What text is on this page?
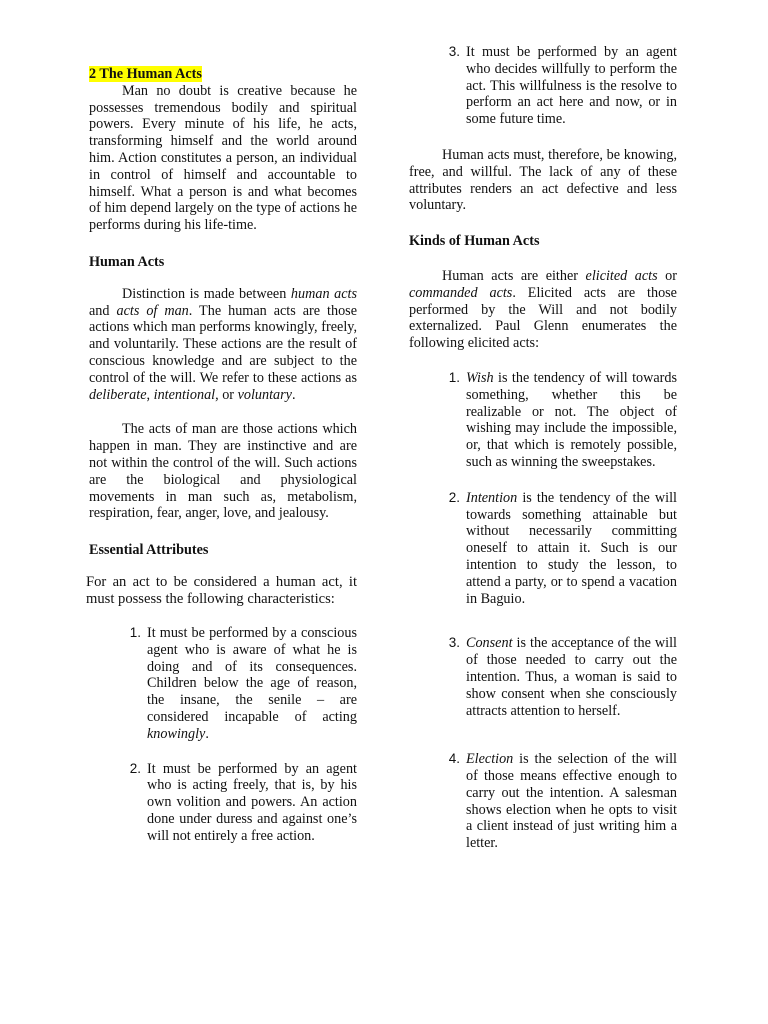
2 The Human Acts

Man no doubt is creative because he possesses tremendous bodily and spiritual powers. Every minute of his life, he acts, transforming himself and the world around him. Action constitutes a person, an individual in control of himself and accountable to himself. What a person is and what becomes of him depend largely on the type of actions he performs during his life-time.

Human Acts

Distinction is made between human acts and acts of man. The human acts are those actions which man performs knowingly, freely, and voluntarily. These actions are the result of conscious knowledge and are subject to the control of the will. We refer to these actions as deliberate, intentional, or voluntary.

The acts of man are those actions which happen in man. They are instinctive and are not within the control of the will. Such actions are the biological and physiological movements in man such as, metabolism, respiration, fear, anger, love, and jealousy.

Essential Attributes

For an act to be considered a human act, it must possess the following characteristics:

1. It must be performed by a conscious agent who is aware of what he is doing and of its consequences. Children below the age of reason, the insane, the senile – are considered incapable of acting knowingly.
2. It must be performed by an agent who is acting freely, that is, by his own volition and powers. An action done under duress and against one’s will not entirely a free action.
3. It must be performed by an agent who decides willfully to perform the act. This willfulness is the resolve to perform an act here and now, or in some future time.

Human acts must, therefore, be knowing, free, and willful. The lack of any of these attributes renders an act defective and less voluntary.

Kinds of Human Acts

Human acts are either elicited acts or commanded acts. Elicited acts are those performed by the Will and not bodily externalized. Paul Glenn enumerates the following elicited acts:

1. Wish is the tendency of will towards something, whether this be realizable or not. The object of wishing may include the impossible, or, that which is remotely possible, such as winning the sweepstakes.
2. Intention is the tendency of the will towards something attainable but without necessarily committing oneself to attain it. Such is our intention to study the lesson, to attend a party, or to spend a vacation in Baguio.
3. Consent is the acceptance of the will of those needed to carry out the intention. Thus, a woman is said to show consent when she consciously attracts attention to herself.
4. Election is the selection of the will of those means effective enough to carry out the intention. A salesman shows election when he opts to visit a client instead of just writing him a letter.
